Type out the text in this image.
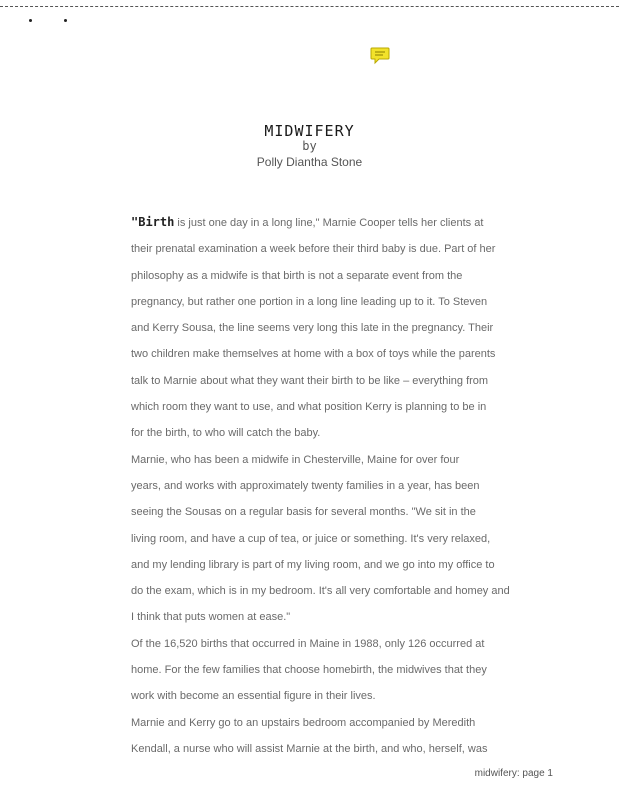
MIDWIFERY
by
Polly Diantha Stone

"Birth is just one day in a long line," Marnie Cooper tells her clients at
their prenatal examination a week before their third baby is due. Part of her
philosophy as a midwife is that birth is not a separate event from the
pregnancy, but rather one portion in a long line leading up to it. To Steven
and Kerry Sousa, the line seems very long this late in the pregnancy. Their
two children make themselves at home with a box of toys while the parents
talk to Marnie about what they want their birth to be like – everything from
which room they want to use, and what position Kerry is planning to be in
for the birth, to who will catch the baby.

Marnie, who has been a midwife in Chesterville, Maine for over four
years, and works with approximately twenty families in a year, has been
seeing the Sousas on a regular basis for several months. "We sit in the
living room, and have a cup of tea, or juice or something. It's very relaxed,
and my lending library is part of my living room, and we go into my office to
do the exam, which is in my bedroom. It's all very comfortable and homey and
I think that puts women at ease."

Of the 16,520 births that occurred in Maine in 1988, only 126 occurred at
home. For the few families that choose homebirth, the midwives that they
work with become an essential figure in their lives.

Marnie and Kerry go to an upstairs bedroom accompanied by Meredith
Kendall, a nurse who will assist Marnie at the birth, and who, herself, was

midwifery: page 1
